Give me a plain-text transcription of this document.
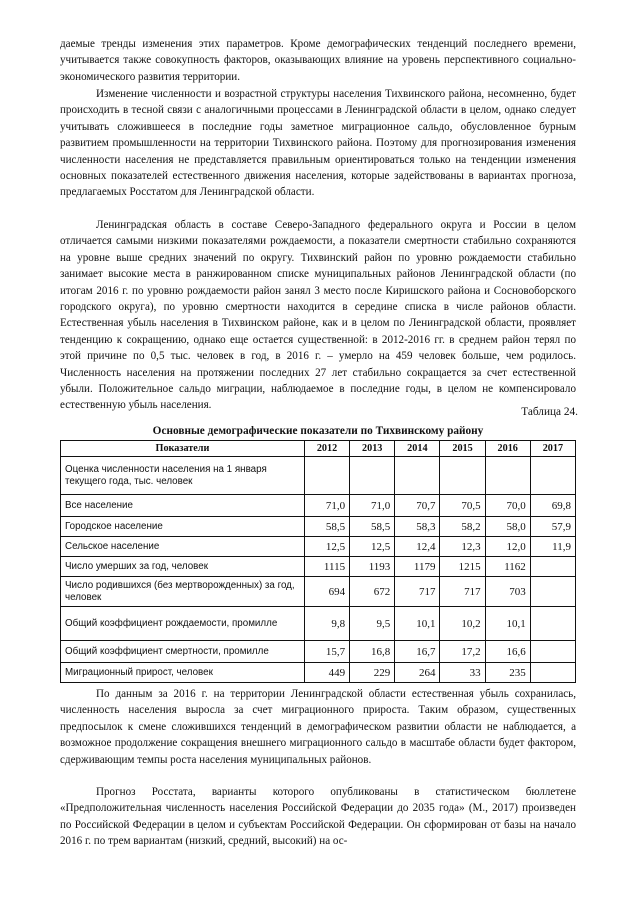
даемые тренды изменения этих параметров. Кроме демографических тенденций последнего времени, учитывается также совокупность факторов, оказывающих влияние на уровень перспективного социально-экономического развития территории.

Изменение численности и возрастной структуры населения Тихвинского района, несомненно, будет происходить в тесной связи с аналогичными процессами в Ленинградской области в целом, однако следует учитывать сложившееся в последние годы заметное миграционное сальдо, обусловленное бурным развитием промышленности на территории Тихвинского района. Поэтому для прогнозирования изменения численности населения не представляется правильным ориентироваться только на тенденции изменения основных показателей естественного движения населения, которые задействованы в вариантах прогноза, предлагаемых Росстатом для Ленинградской области.

Ленинградская область в составе Северо-Западного федерального округа и России в целом отличается самыми низкими показателями рождаемости, а показатели смертности стабильно сохраняются на уровне выше средних значений по округу. Тихвинский район по уровню рождаемости стабильно занимает высокие места в ранжированном списке муниципальных районов Ленинградской области (по итогам 2016 г. по уровню рождаемости район занял 3 место после Киришского района и Сосновоборского городского округа), по уровню смертности находится в середине списка в числе районов области. Естественная убыль населения в Тихвинском районе, как и в целом по Ленинградской области, проявляет тенденцию к сокращению, однако еще остается существенной: в 2012-2016 гг. в среднем район терял по этой причине по 0,5 тыс. человек в год, в 2016 г. – умерло на 459 человек больше, чем родилось. Численность населения на протяжении последних 27 лет стабильно сокращается за счет естественной убыли. Положительное сальдо миграции, наблюдаемое в последние годы, в целом не компенсировало естественную убыль населения.

Таблица 24.
Основные демографические показатели по Тихвинскому району
Показатели	2012	2013	2014	2015	2016	2017
Оценка численности населения на 1 января текущего года, тыс. человек						
Все население	71,0	71,0	70,7	70,5	70,0	69,8
Городское население	58,5	58,5	58,3	58,2	58,0	57,9
Сельское население	12,5	12,5	12,4	12,3	12,0	11,9
Число умерших за год, человек	1115	1193	1179	1215	1162	
Число родившихся (без мертворожденных) за год, человек	694	672	717	717	703	
Общий коэффициент рождаемости, промилле	9,8	9,5	10,1	10,2	10,1	
Общий коэффициент смертности, промилле	15,7	16,8	16,7	17,2	16,6	
Миграционный прирост, человек	449	229	264	33	235	

По данным за 2016 г. на территории Ленинградской области естественная убыль сохранилась, численность населения выросла за счет миграционного прироста. Таким образом, существенных предпосылок к смене сложившихся тенденций в демографическом развитии области не наблюдается, а возможное продолжение сокращения внешнего миграционного сальдо в масштабе области будет фактором, сдерживающим темпы роста населения муниципальных районов.

Прогноз Росстата, варианты которого опубликованы в статистическом бюллетене «Предположительная численность населения Российской Федерации до 2035 года» (М., 2017) произведен по Российской Федерации в целом и субъектам Российской Федерации. Он сформирован от базы на начало 2016 г. по трем вариантам (низкий, средний, высокий) на ос-
